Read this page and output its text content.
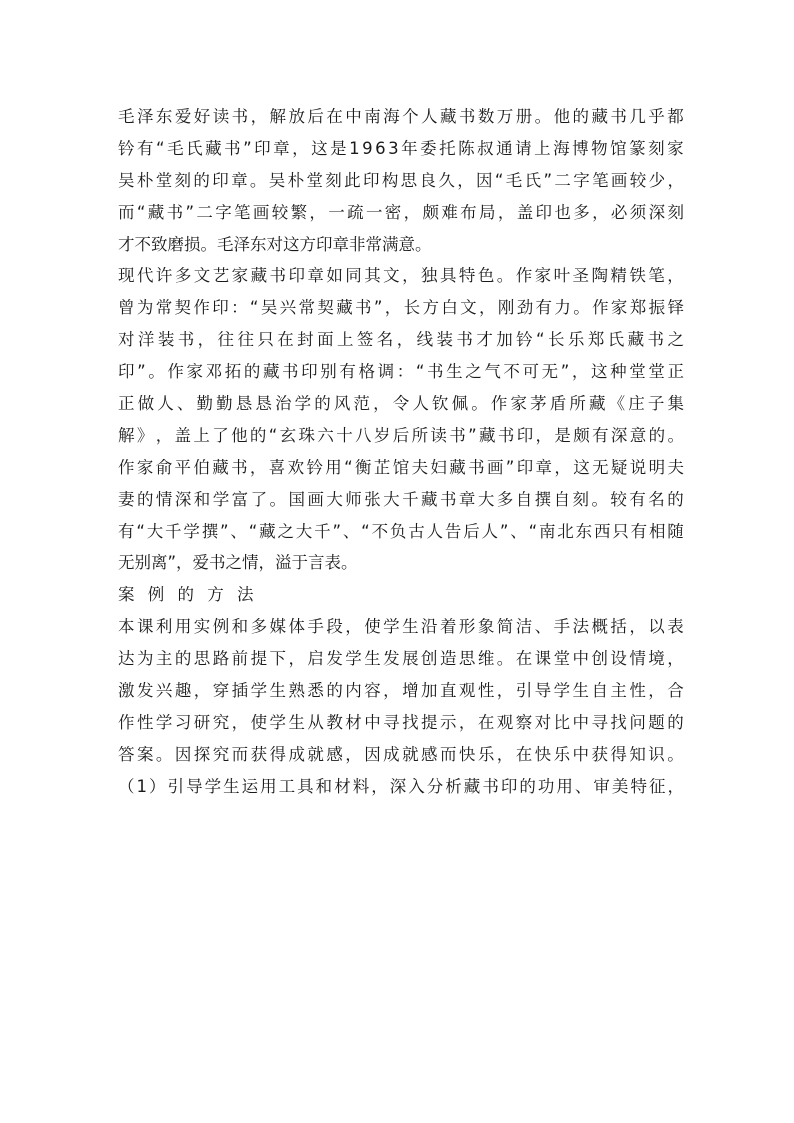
毛 泽 东 爱 好 读 书 ， 解 放 后 在 中 南 海 个 人 藏 书 数 万 册 。 他 的 藏 书 几 乎 都
钤 有 “ 毛 氏 藏 书 ” 印 章 ， 这 是 1 9 6 3 年 委 托 陈 叔 通 请 上 海 博 物 馆 篆 刻 家
吴 朴 堂 刻 的 印 章 。 吴 朴 堂 刻 此 印 构 思 良 久 ， 因 “ 毛 氏 ” 二 字 笔 画 较 少 ，
而 “ 藏 书 ” 二 字 笔 画 较 繁 ， 一 疏 一 密 ， 颇 难 布 局 ， 盖 印 也 多 ， 必 须 深 刻
才不致磨损。毛泽东对这方印章非常满意。
现 代 许 多 文 艺 家 藏 书 印 章 如 同 其 文 ， 独 具 特 色 。 作 家 叶 圣 陶 精 铁 笔 ，
曾 为 常 契 作 印 ： “ 吴 兴 常 契 藏 书 ” ， 长 方 白 文 ， 刚 劲 有 力 。 作 家 郑 振 铎
对 洋 装 书 ， 往 往 只 在 封 面 上 签 名 ， 线 装 书 才 加 钤 “ 长 乐 郑 氏 藏 书 之
印 ” 。 作 家 邓 拓 的 藏 书 印 别 有 格 调 ： “ 书 生 之 气 不 可 无 ” ， 这 种 堂 堂 正
正 做 人 、 勤 勤 恳 恳 治 学 的 风 范 ， 令 人 钦 佩 。 作 家 茅 盾 所 藏 《 庄 子 集
解 》 ， 盖 上 了 他 的 “ 玄 珠 六 十 八 岁 后 所 读 书 ” 藏 书 印 ， 是 颇 有 深 意 的 。
作 家 俞 平 伯 藏 书 ， 喜 欢 钤 用 “ 衡 芷 馆 夫 妇 藏 书 画 ” 印 章 ， 这 无 疑 说 明 夫
妻 的 情 深 和 学 富 了 。 国 画 大 师 张 大 千 藏 书 章 大 多 自 撰 自 刻 。 较 有 名 的
有 “ 大 千 学 撰 ” 、 “ 藏 之 大 千 ” 、 “ 不 负 古 人 告 后 人 ” 、 “ 南 北 东 西 只 有 相 随
无别离”，爱书之情，溢于言表。
案 例 的 方 法
本 课 利 用 实 例 和 多 媒 体 手 段 ， 使 学 生 沿 着 形 象 简 洁 、 手 法 概 括 ， 以 表
达 为 主 的 思 路 前 提 下 ， 启 发 学 生 发 展 创 造 思 维 。 在 课 堂 中 创 设 情 境 ，
激 发 兴 趣 ， 穿 插 学 生 熟 悉 的 内 容 ， 增 加 直 观 性 ， 引 导 学 生 自 主 性 ， 合
作 性 学 习 研 究 ， 使 学 生 从 教 材 中 寻 找 提 示 ， 在 观 察 对 比 中 寻 找 问 题 的
答 案 。 因 探 究 而 获 得 成 就 感 ， 因 成 就 感 而 快 乐 ， 在 快 乐 中 获 得 知 识 。
（ 1 ） 引 导 学 生 运 用 工 具 和 材 料 ， 深 入 分 析 藏 书 印 的 功 用 、 审 美 特 征 ，
